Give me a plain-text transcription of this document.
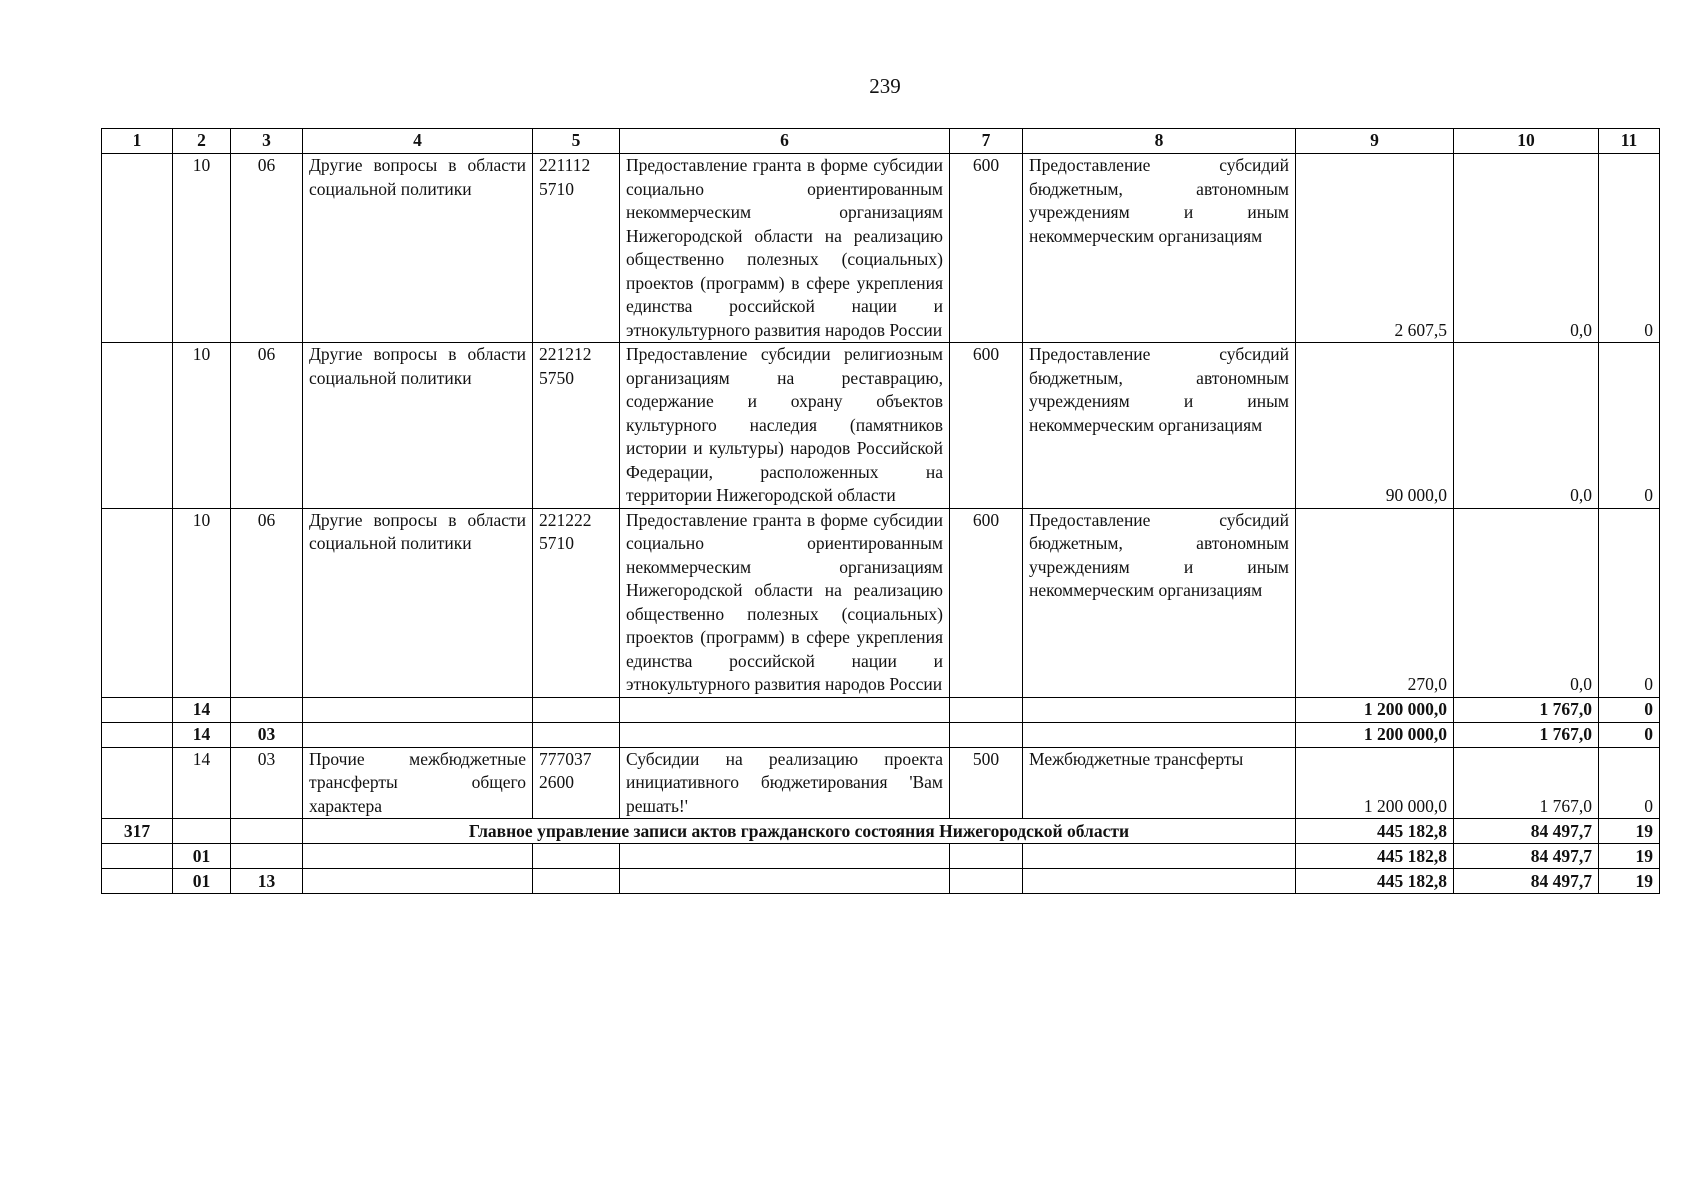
239
1	2	3	4	5	6	7	8	9	10	11
	10	06	Другие вопросы в области социальной политики	221112 5710	Предоставление гранта в форме субсидии социально ориентированным некоммерческим организациям Нижегородской области на реализацию общественно полезных (социальных) проектов (программ) в сфере укрепления единства российской нации и этнокультурного развития народов России	600	Предоставление субсидий бюджетным, автономным учреждениям и иным некоммерческим организациям	2 607,5	0,0	0
	10	06	Другие вопросы в области социальной политики	221212 5750	Предоставление субсидии религиозным организациям на реставрацию, содержание и охрану объектов культурного наследия (памятников истории и культуры) народов Российской Федерации, расположенных на территории Нижегородской области	600	Предоставление субсидий бюджетным, автономным учреждениям и иным некоммерческим организациям	90 000,0	0,0	0
	10	06	Другие вопросы в области социальной политики	221222 5710	Предоставление гранта в форме субсидии социально ориентированным некоммерческим организациям Нижегородской области на реализацию общественно полезных (социальных) проектов (программ) в сфере укрепления единства российской нации и этнокультурного развития народов России	600	Предоставление субсидий бюджетным, автономным учреждениям и иным некоммерческим организациям	270,0	0,0	0
	14							1 200 000,0	1 767,0	0
	14	03						1 200 000,0	1 767,0	0
	14	03	Прочие межбюджетные трансферты общего характера	777037 2600	Субсидии на реализацию проекта инициативного бюджетирования 'Вам решать!'	500	Межбюджетные трансферты	1 200 000,0	1 767,0	0
317			Главное управление записи актов гражданского состояния Нижегородской области					445 182,8	84 497,7	19
	01							445 182,8	84 497,7	19
	01	13						445 182,8	84 497,7	19
